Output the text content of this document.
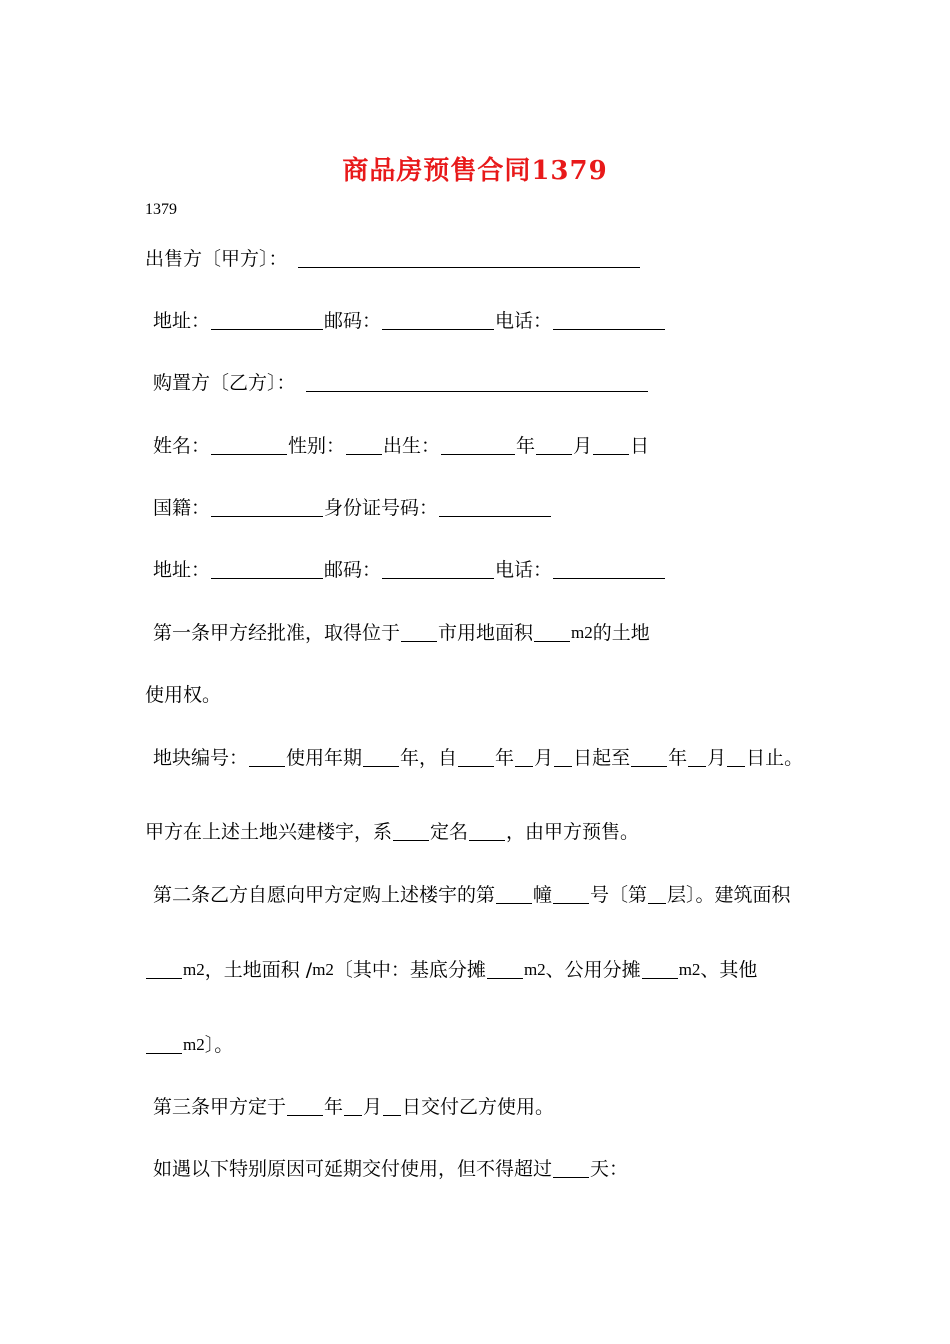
商品房预售合同1379
1379
出售方〔甲方〕：
地址：	邮码：	电话：
购置方〔乙方〕：
姓名：	性别： 出生：	年 月 日
国籍：	身份证号码：
地址：	邮码：	电话：
第一条甲方经批准，取得位于 市用地面积 m2 的土地
使用权。
地块编号： 使用年期 年，自 年 月 日起至 年 月 日止。
甲方在上述土地兴建楼宇，系 定名 ，由甲方预售。
第二条乙方自愿向甲方定购上述楼宇的第 幢 号〔第 层〕。建筑面积
m2 ，土地面积 / m2 〔其中：基底分摊 m2 、公用分摊 m2 、其他
m2 〕。
第三条甲方定于 年 月 日交付乙方使用。
如遇以下特别原因可延期交付使用，但不得超过 天：
